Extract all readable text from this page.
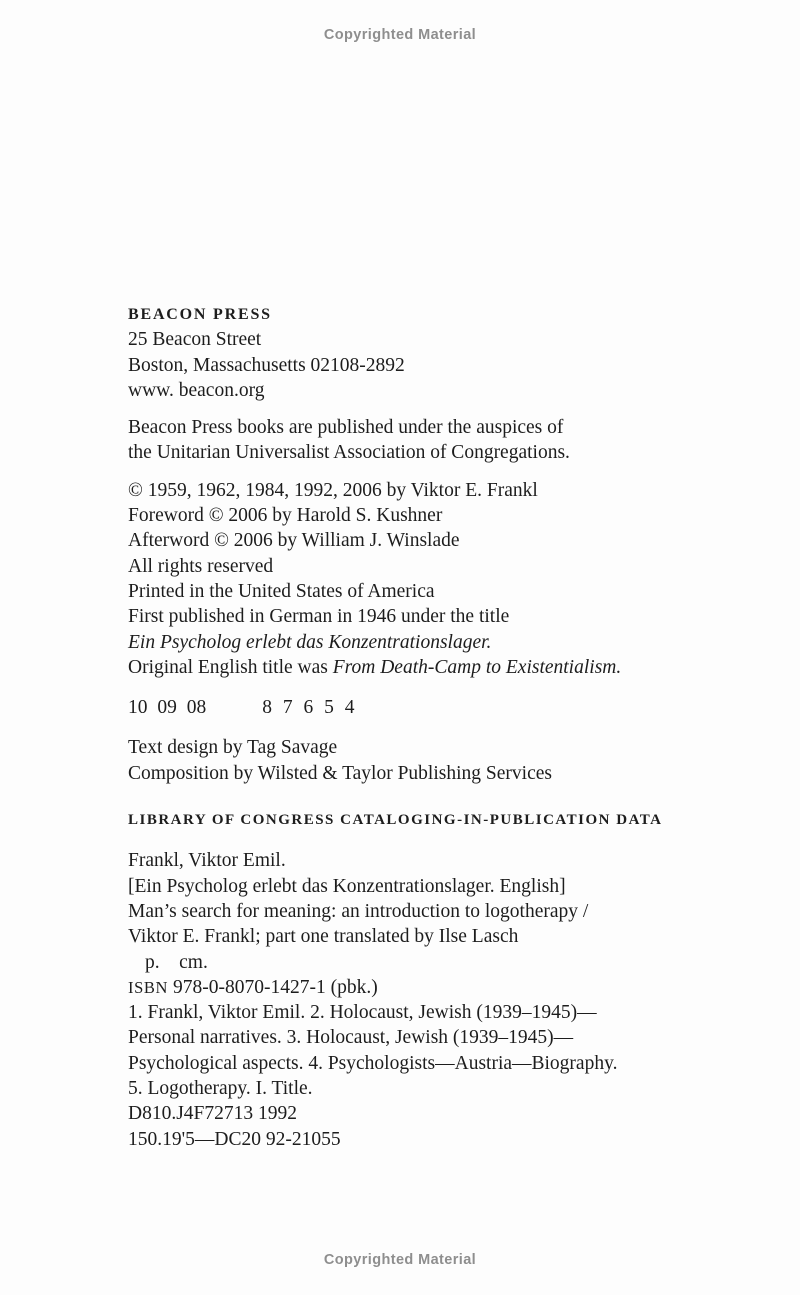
Copyrighted Material

BEACON PRESS

25 Beacon Street

Boston, Massachusetts 02108-2892

www. beacon.org

Beacon Press books are published under the auspices of

the Unitarian Universalist Association of Congregations.

© 1959, 1962, 1984, 1992, 2006 by Viktor E. Frankl

Foreword © 2006 by Harold S. Kushner

Afterword © 2006 by William J. Winslade

All rights reserved

Printed in the United States of America

First published in German in 1946 under the title

Ein Psycholog erlebt das Konzentrationslager.

Original English title was From Death-Camp to Existentialism.

10 09 08	8 7 6 5 4

Text design by Tag Savage

Composition by Wilsted & Taylor Publishing Services

LIBRARY OF CONGRESS CATALOGING-IN-PUBLICATION DATA

Frankl, Viktor Emil.

[Ein Psycholog erlebt das Konzentrationslager. English]

Man’s search for meaning: an introduction to logotherapy /

Viktor E. Frankl; part one translated by Ilse Lasch

p.    cm.

ISBN 978-0-8070-1427-1 (pbk.)

1. Frankl, Viktor Emil. 2. Holocaust, Jewish (1939–1945)—

Personal narratives. 3. Holocaust, Jewish (1939–1945)—

Psychological aspects. 4. Psychologists—Austria—Biography.

5. Logotherapy. I. Title.

D810.J4F72713 1992

150.19'5—DC20 92-21055

Copyrighted Material
